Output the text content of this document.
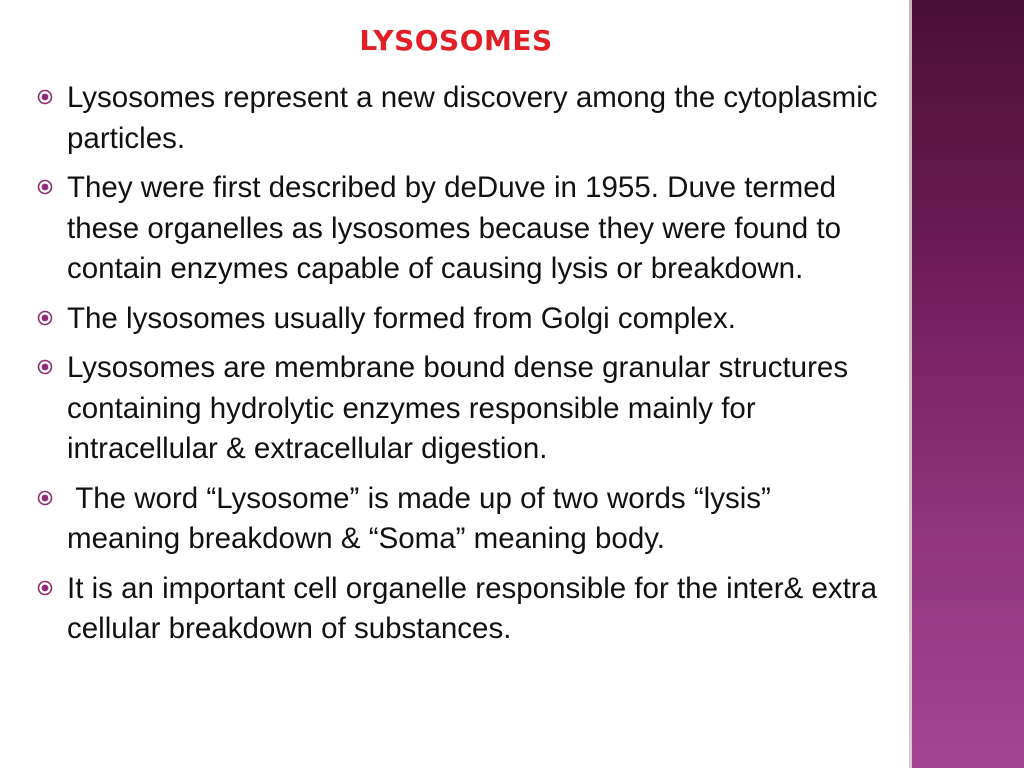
LYSOSOMES
Lysosomes represent a new discovery among the cytoplasmic particles.
They were first described by deDuve in 1955. Duve termed these organelles as lysosomes because they were found to contain enzymes capable of causing lysis or breakdown.
The lysosomes usually formed from Golgi complex.
Lysosomes are membrane bound dense granular structures containing hydrolytic enzymes responsible mainly for intracellular & extracellular digestion.
The word “Lysosome” is made up of two words “lysis” meaning breakdown & “Soma” meaning body.
It is an important cell organelle responsible for the inter& extra cellular breakdown of substances.
